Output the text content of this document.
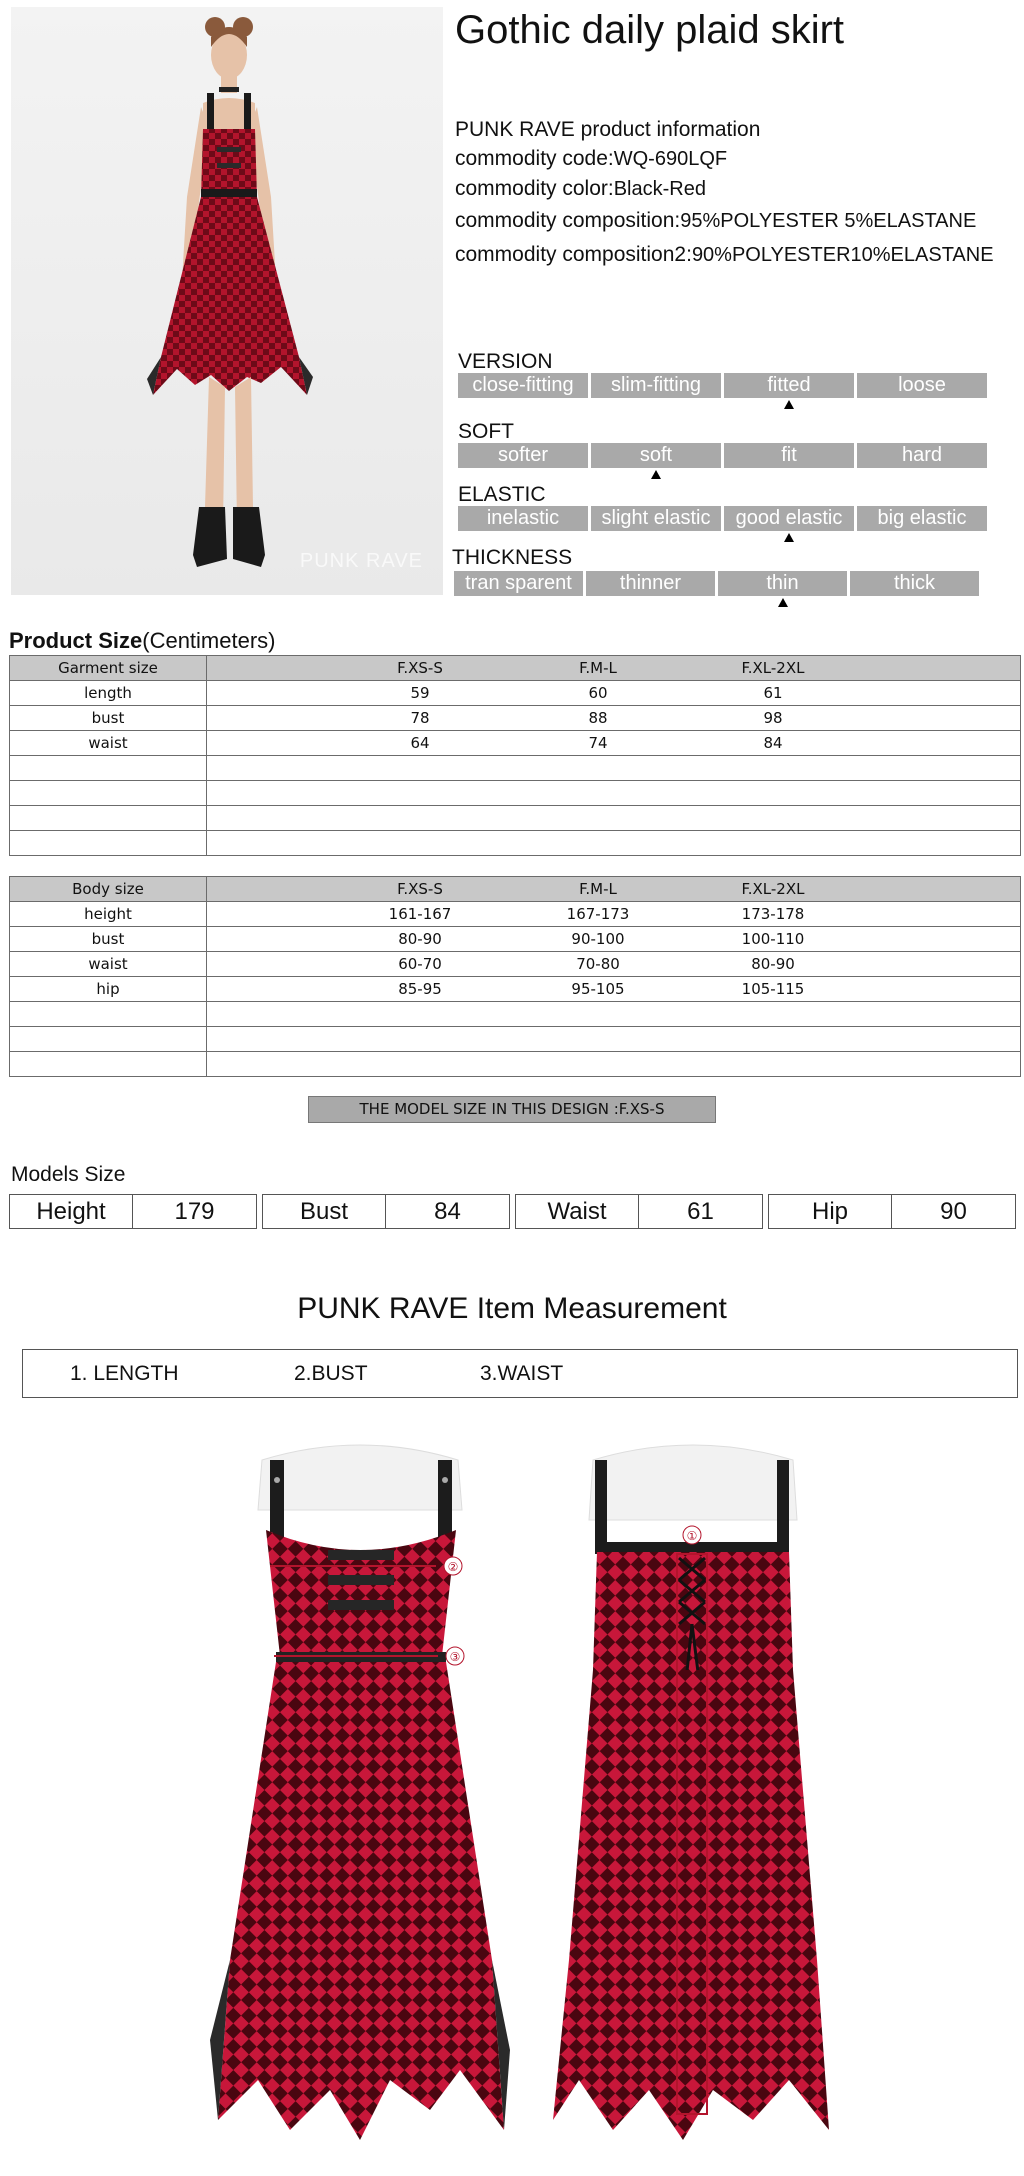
PUNK RAVE
Gothic daily plaid skirt
PUNK RAVE product information
commodity code:WQ-690LQF
commodity color:Black-Red
commodity composition:95%POLYESTER 5%ELASTANE
commodity composition2:90%POLYESTER10%ELASTANE
VERSION
close-fitting	slim-fitting	fitted	loose
SOFT
softer	soft	fit	hard
ELASTIC
inelastic	slight elastic	good elastic	big elastic
THICKNESS
tran sparent	thinner	thin	thick
Product Size(Centimeters)
Garment size	F.XS-S F.M-L F.XL-2XL

length	59 60 61

bust	78 88 98

waist	64 74 84

Body size	F.XS-S F.M-L F.XL-2XL

height	161-167 167-173 173-178

bust	80-90 90-100 100-110

waist	60-70 70-80 80-90

hip	85-95 95-105 105-115

THE MODEL SIZE IN THIS DESIGN :F.XS-S
Models Size
Height	179	Bust	84	Waist	61	Hip	90
PUNK RAVE Item Measurement
1. LENGTH	2.BUST	3.WAIST
②
③
①
